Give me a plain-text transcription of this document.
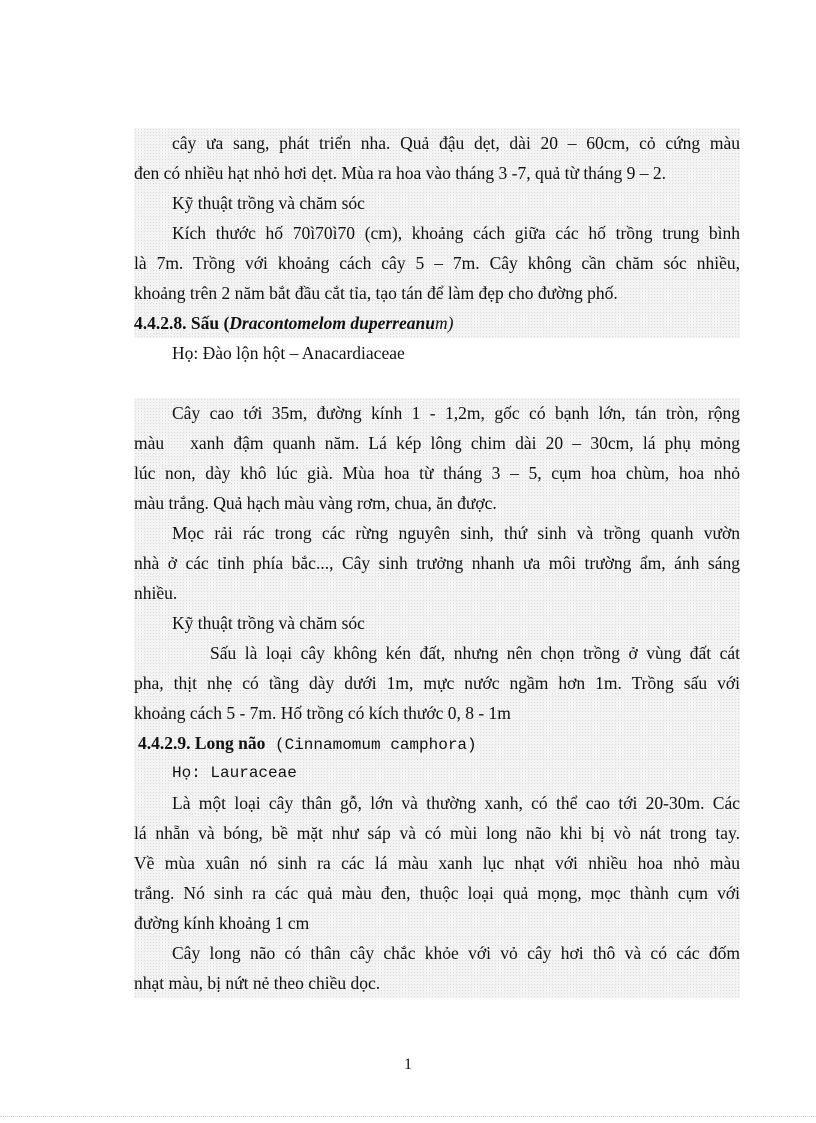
cây ưa sang, phát triển nha. Quả đậu dẹt, dài 20 – 60cm, cỏ cứng màu
đen có nhiều hạt nhỏ hơi dẹt. Mùa ra hoa vào tháng 3 -7, quả từ tháng 9 – 2.
Kỹ thuật trồng và chăm sóc
Kích thước hố 70ì70ì70 (cm), khoảng cách giữa các hố trồng trung bình
là 7m. Trồng với khoảng cách cây 5 – 7m. Cây không cần chăm sóc nhiều,
khoảng trên 2 năm bắt đầu cắt tỉa, tạo tán để làm đẹp cho đường phố.
4.4.2.8. Sấu (Dracontomelom duperreanum)
Họ: Đào lộn hột – Anacardiaceae
Cây cao tới 35m, đường kính 1 - 1,2m, gốc có bạnh lớn, tán tròn, rộng
màu xanh đậm quanh năm. Lá kép lông chim dài 20 – 30cm, lá phụ mỏng
lúc non, dày khô lúc già. Mùa hoa từ tháng 3 – 5, cụm hoa chùm, hoa nhỏ
màu trắng. Quả hạch màu vàng rơm, chua, ăn được.
Mọc rải rác trong các rừng nguyên sinh, thứ sinh và trồng quanh vườn
nhà ở các tỉnh phía bắc..., Cây sinh trưởng nhanh ưa môi trường ẩm, ánh sáng
nhiều.
Kỹ thuật trồng và chăm sóc
Sấu là loại cây không kén đất, nhưng nên chọn trồng ở vùng đất cát
pha, thịt nhẹ có tầng dày dưới 1m, mực nước ngầm hơn 1m. Trồng sấu với
khoảng cách 5 - 7m. Hố trồng có kích thước 0, 8 - 1m
4.4.2.9. Long não (Cinnamomum camphora)
Họ: Lauraceae
Là một loại cây thân gỗ, lớn và thường xanh, có thể cao tới 20-30m. Các
lá nhẵn và bóng, bề mặt như sáp và có mùi long não khi bị vò nát trong tay.
Về mùa xuân nó sinh ra các lá màu xanh lục nhạt với nhiều hoa nhỏ màu
trắng. Nó sinh ra các quả màu đen, thuộc loại quả mọng, mọc thành cụm với
đường kính khoảng 1 cm
Cây long não có thân cây chắc khỏe với vỏ cây hơi thô và có các đốm
nhạt màu, bị nứt nẻ theo chiều dọc.
1
